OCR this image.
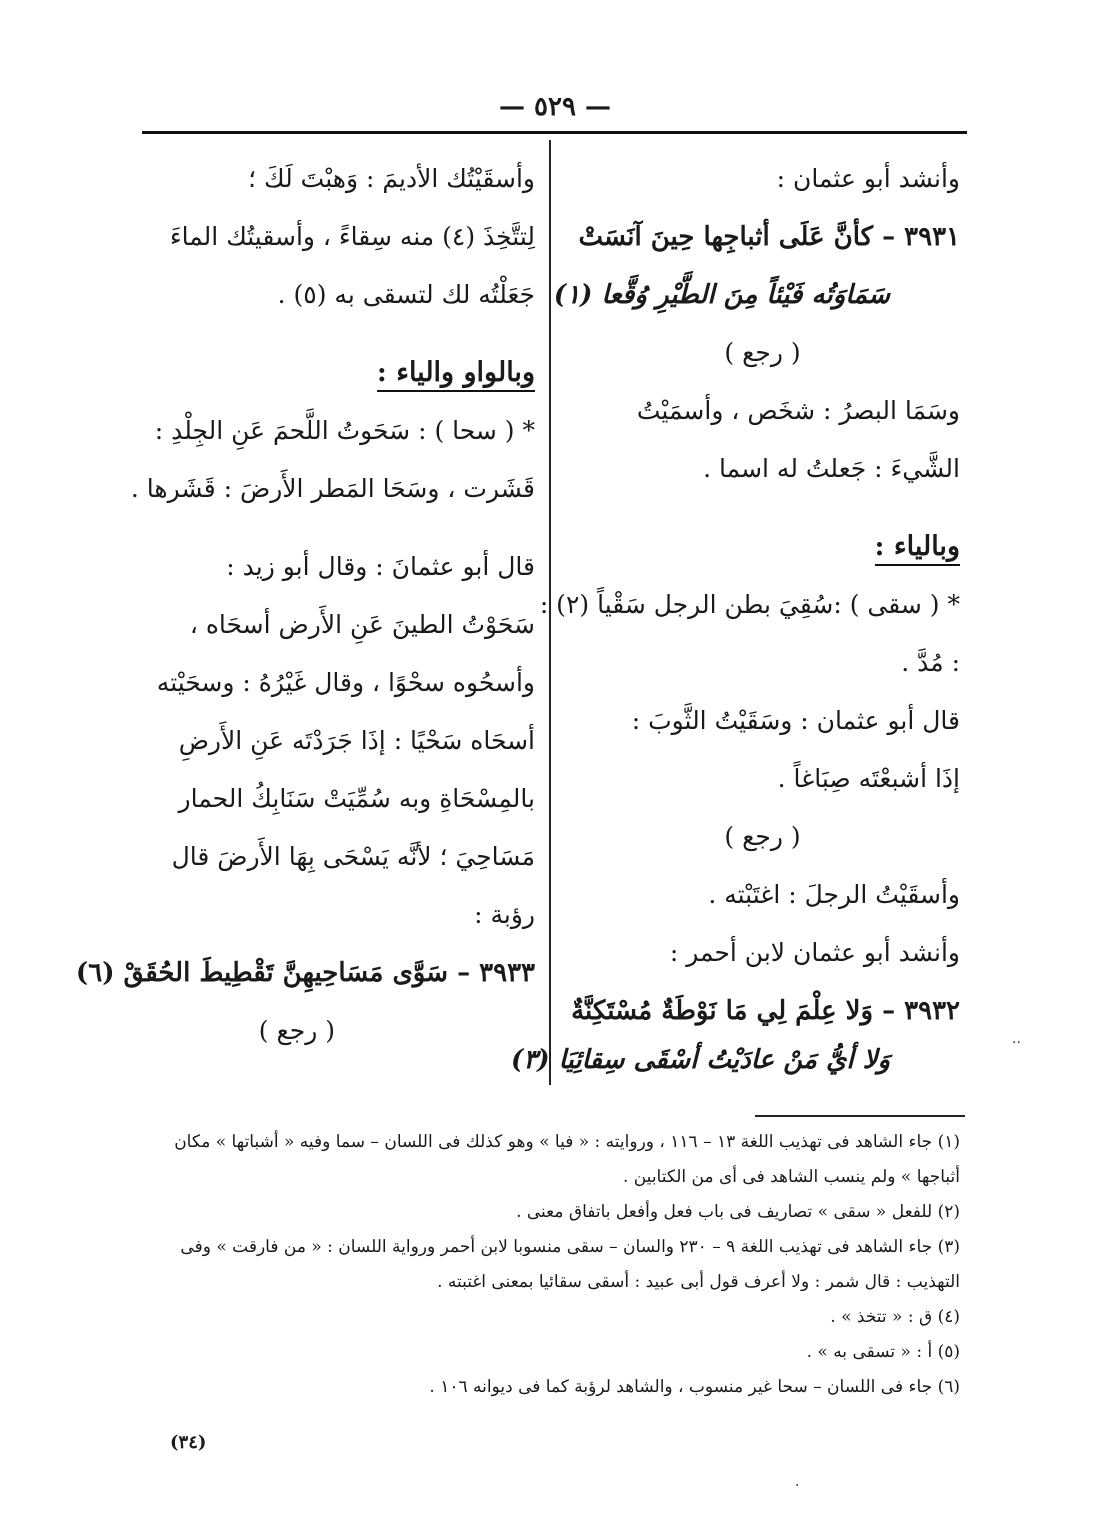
— ٥٢٩ —
وأنشد أبو عثمان :
٣٩٣١ – كأنَّ عَلَى أثباجِها حِينَ آنَسَتْ
سَمَاوَتُه فَيْئاً مِنَ الطَّيْرِ وُقَّعا (١)
( رجع )
وسَمَا البصرُ : شخَص ، وأسمَيْتُ
الشَّيءَ : جَعلتُ له اسما .
وبالياء :
* ( سقى ) :سُقِيَ بطن الرجل سَقْياً (٢) :
: مُدَّ .
قال أبو عثمان : وسَقَيْتُ الثَّوبَ :
إذَا أشبعْتَه صِبَاغاً .
( رجع )
وأسقَيْتُ الرجلَ : اغتَبْته .
وأنشد أبو عثمان لابن أحمر :
٣٩٣٢ – وَلا عِلْمَ لِي مَا نَوْطَةٌ مُسْتَكِنَّةٌ
وَلا أيُّ مَنْ عادَيْتُ أسْقَى سِقائِيَا (٣)
وأسقَيْتُك الأديمَ : وَهبْتَ لَكَ ؛
لِتتَّخِذَ (٤) منه سِقاءً ، وأسقيتُك الماءَ
جَعَلْتُه لك لتسقى به (٥) .
وبالواو والياء :
* ( سحا ) : سَحَوتُ اللَّحمَ عَنِ الجِلْدِ :
قَشَرت ، وسَحَا المَطر الأَرضَ : قَشَرها .
قال أبو عثمانَ : وقال أبو زيد :
سَحَوْتُ الطينَ عَنِ الأَرض أسحَاه ،
وأسحُوه سحْوًا ، وقال غَيْرُهُ : وسحَيْته
أسحَاه سَحْيًا : إذَا جَرَدْتَه عَنِ الأَرضِ
بالمِسْحَاةِ وبه سُمِّيَتْ سَنَابِكُ الحمار
مَسَاحِيَ ؛ لأنَّه يَسْحَى بِهَا الأَرضَ قال
رؤبة :
٣٩٣٣ – سَوَّى مَسَاحِيهِنَّ تَقْطِيطَ الحُقَقْ (٦)
( رجع )
(١) جاء الشاهد فى تهذيب اللغة ١٣ – ١١٦ ، وروايته : « فيا » وهو كذلك فى اللسان – سما وفيه « أشباتها » مكان
أثباجها » ولم ينسب الشاهد فى أى من الكتابين .
(٢) للفعل « سقى » تصاريف فى باب فعل وأفعل باتفاق معنى .
(٣) جاء الشاهد فى تهذيب اللغة ٩ – ٢٣٠ والسان – سقى منسوبا لابن أحمر ورواية اللسان : « من فارقت » وفى
التهذيب : قال شمر : ولا أعرف قول أبى عبيد : أسقى سقائيا بمعنى اغتبته .
(٤) ق : « تتخذ » .
(٥) أ : « تسقى به » .
(٦) جاء فى اللسان – سحا غير منسوب ، والشاهد لرؤبة كما فى ديوانه ١٠٦ .
(٣٤)
··
·
